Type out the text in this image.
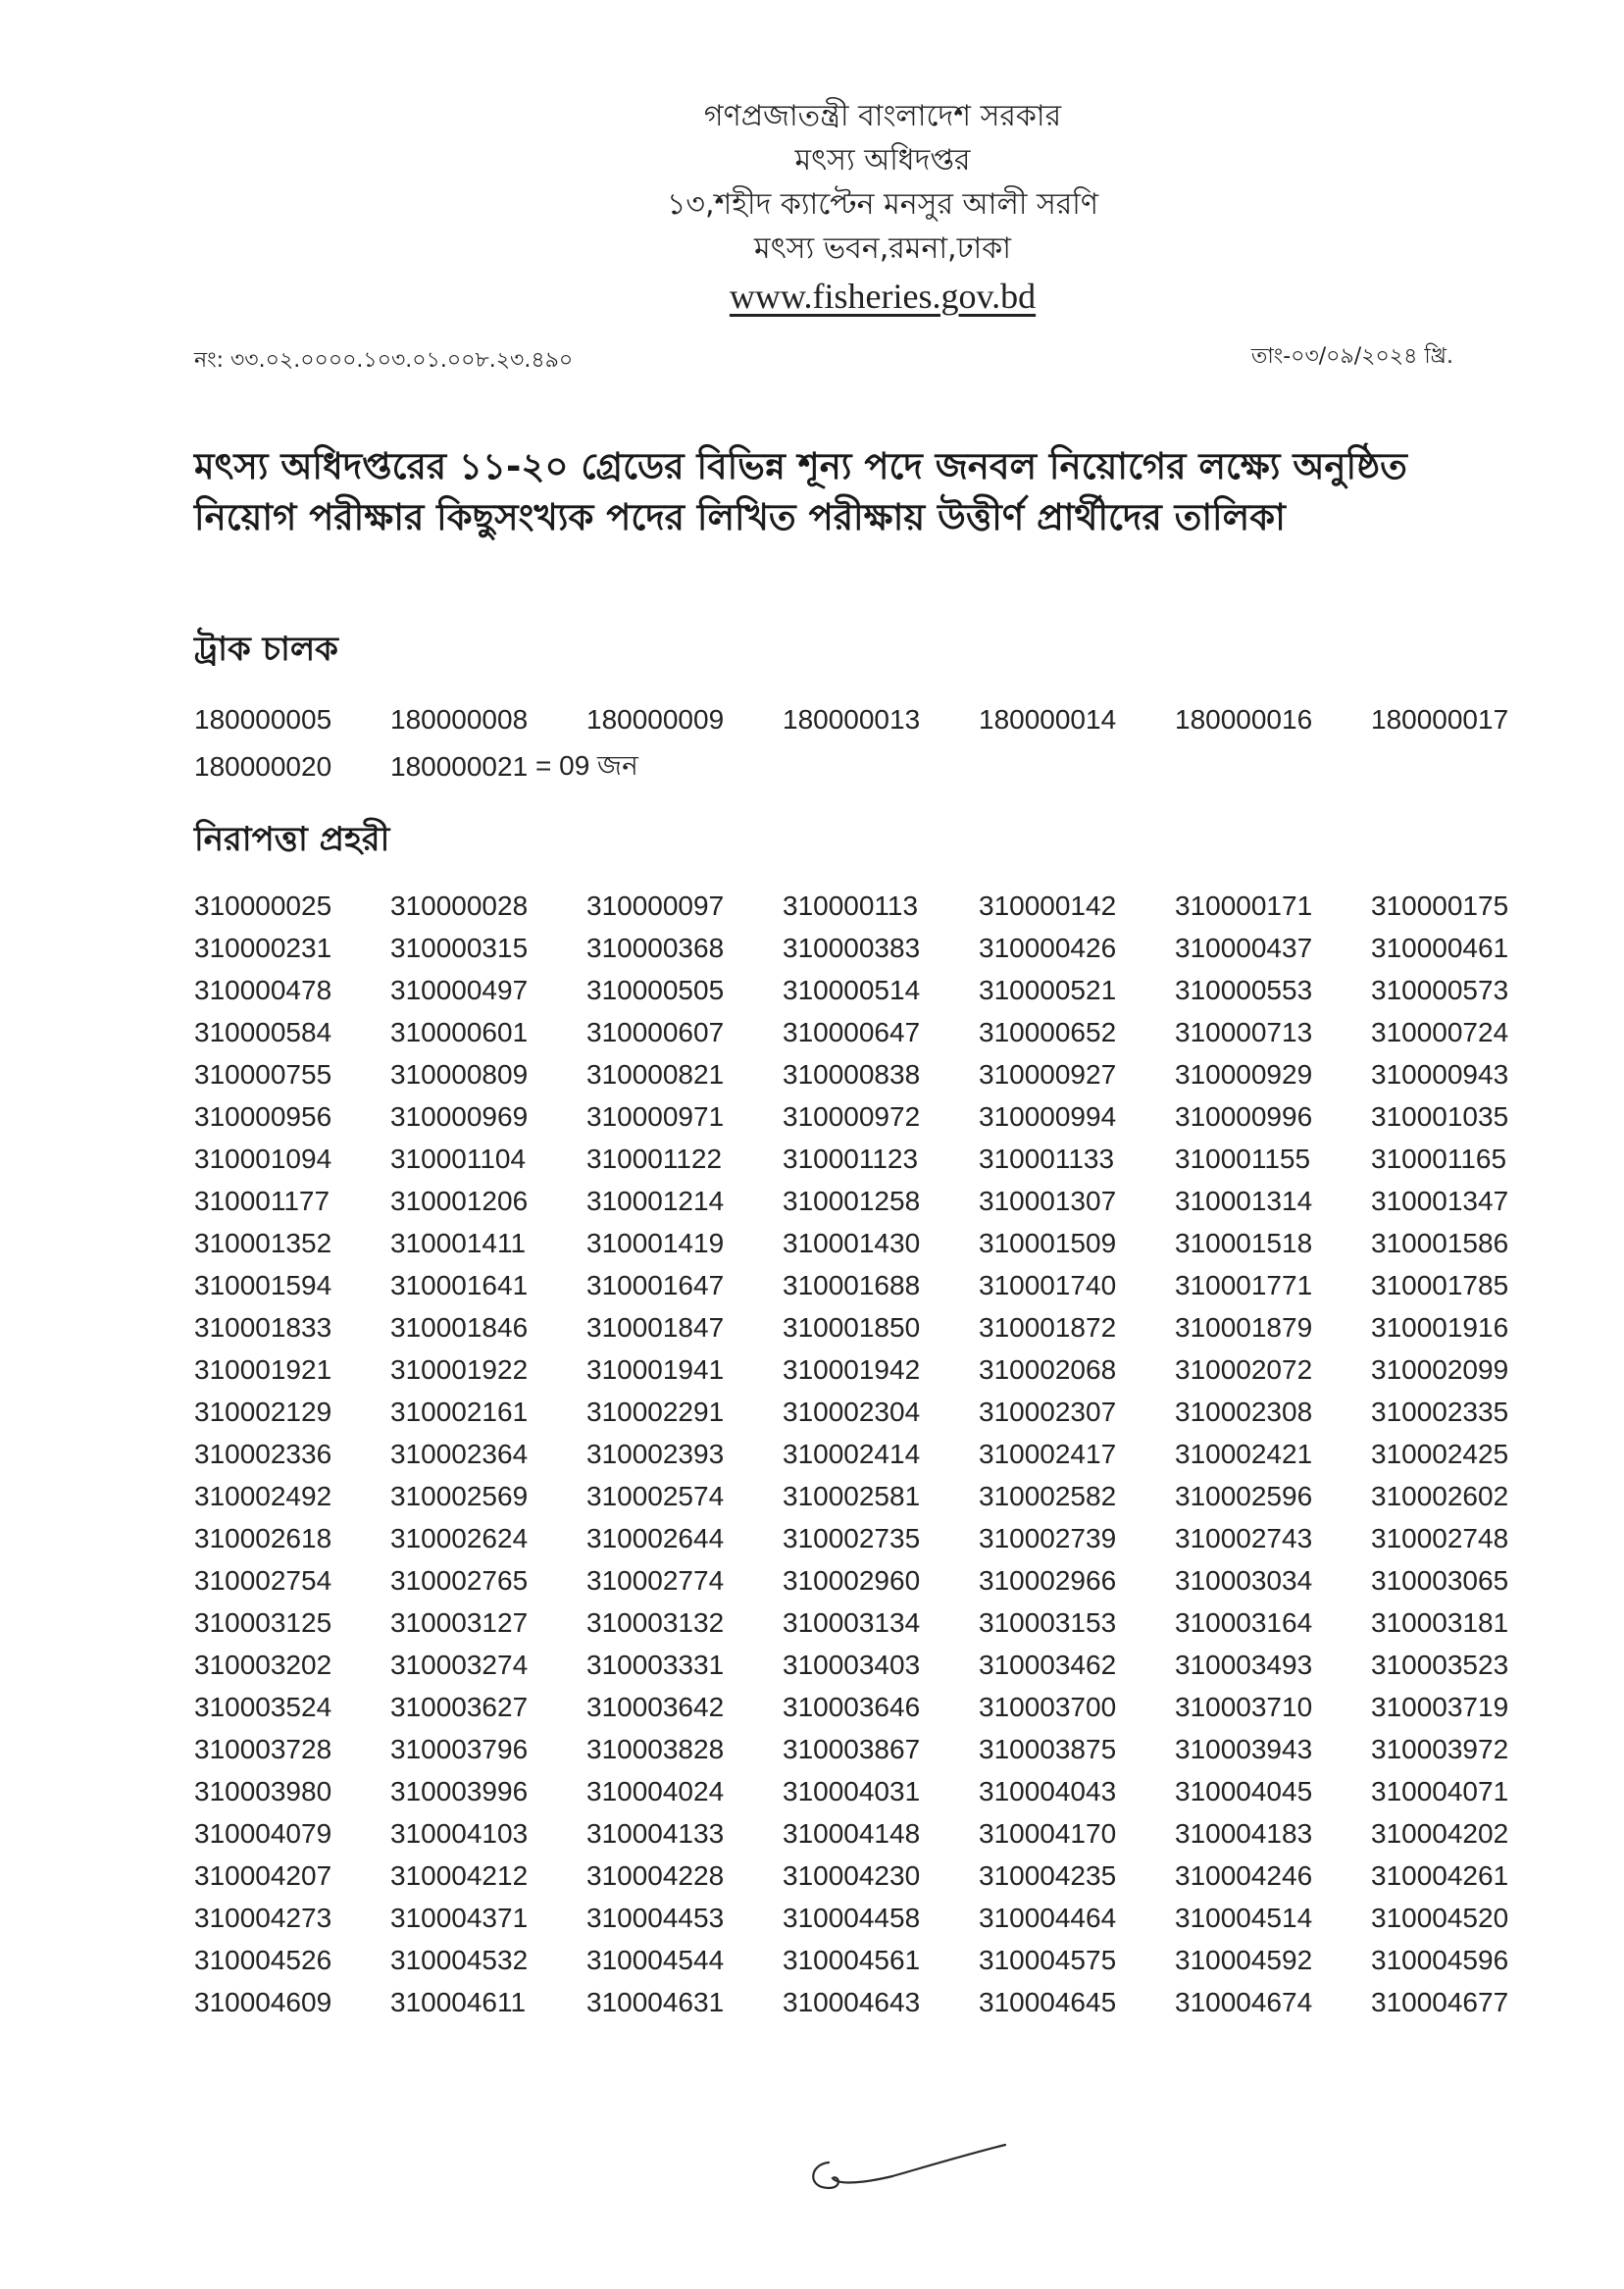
গণপ্রজাতন্ত্রী বাংলাদেশ সরকার
মৎস্য অধিদপ্তর
১৩,শহীদ ক্যাপ্টেন মনসুর আলী সরণি
মৎস্য ভবন,রমনা,ঢাকা
www.fisheries.gov.bd
নং: ৩৩.০২.০০০০.১০৩.০১.০০৮.২৩.৪৯০	তাং-০৩/০৯/২০২৪ খ্রি.
মৎস্য অধিদপ্তরের ১১-২০ গ্রেডের বিভিন্ন শূন্য পদে জনবল নিয়োগের লক্ষ্যে অনুষ্ঠিত নিয়োগ পরীক্ষার কিছুসংখ্যক পদের লিখিত পরীক্ষায় উত্তীর্ণ প্রার্থীদের তালিকা
ট্রাক চালক
180000005	180000008	180000009	180000013	180000014	180000016	180000017
180000020	180000021 = 09 জন
নিরাপত্তা প্রহরী
310000025	310000028	310000097	310000113	310000142	310000171	310000175
310000231	310000315	310000368	310000383	310000426	310000437	310000461
310000478	310000497	310000505	310000514	310000521	310000553	310000573
310000584	310000601	310000607	310000647	310000652	310000713	310000724
310000755	310000809	310000821	310000838	310000927	310000929	310000943
310000956	310000969	310000971	310000972	310000994	310000996	310001035
310001094	310001104	310001122	310001123	310001133	310001155	310001165
310001177	310001206	310001214	310001258	310001307	310001314	310001347
310001352	310001411	310001419	310001430	310001509	310001518	310001586
310001594	310001641	310001647	310001688	310001740	310001771	310001785
310001833	310001846	310001847	310001850	310001872	310001879	310001916
310001921	310001922	310001941	310001942	310002068	310002072	310002099
310002129	310002161	310002291	310002304	310002307	310002308	310002335
310002336	310002364	310002393	310002414	310002417	310002421	310002425
310002492	310002569	310002574	310002581	310002582	310002596	310002602
310002618	310002624	310002644	310002735	310002739	310002743	310002748
310002754	310002765	310002774	310002960	310002966	310003034	310003065
310003125	310003127	310003132	310003134	310003153	310003164	310003181
310003202	310003274	310003331	310003403	310003462	310003493	310003523
310003524	310003627	310003642	310003646	310003700	310003710	310003719
310003728	310003796	310003828	310003867	310003875	310003943	310003972
310003980	310003996	310004024	310004031	310004043	310004045	310004071
310004079	310004103	310004133	310004148	310004170	310004183	310004202
310004207	310004212	310004228	310004230	310004235	310004246	310004261
310004273	310004371	310004453	310004458	310004464	310004514	310004520
310004526	310004532	310004544	310004561	310004575	310004592	310004596
310004609	310004611	310004631	310004643	310004645	310004674	310004677
